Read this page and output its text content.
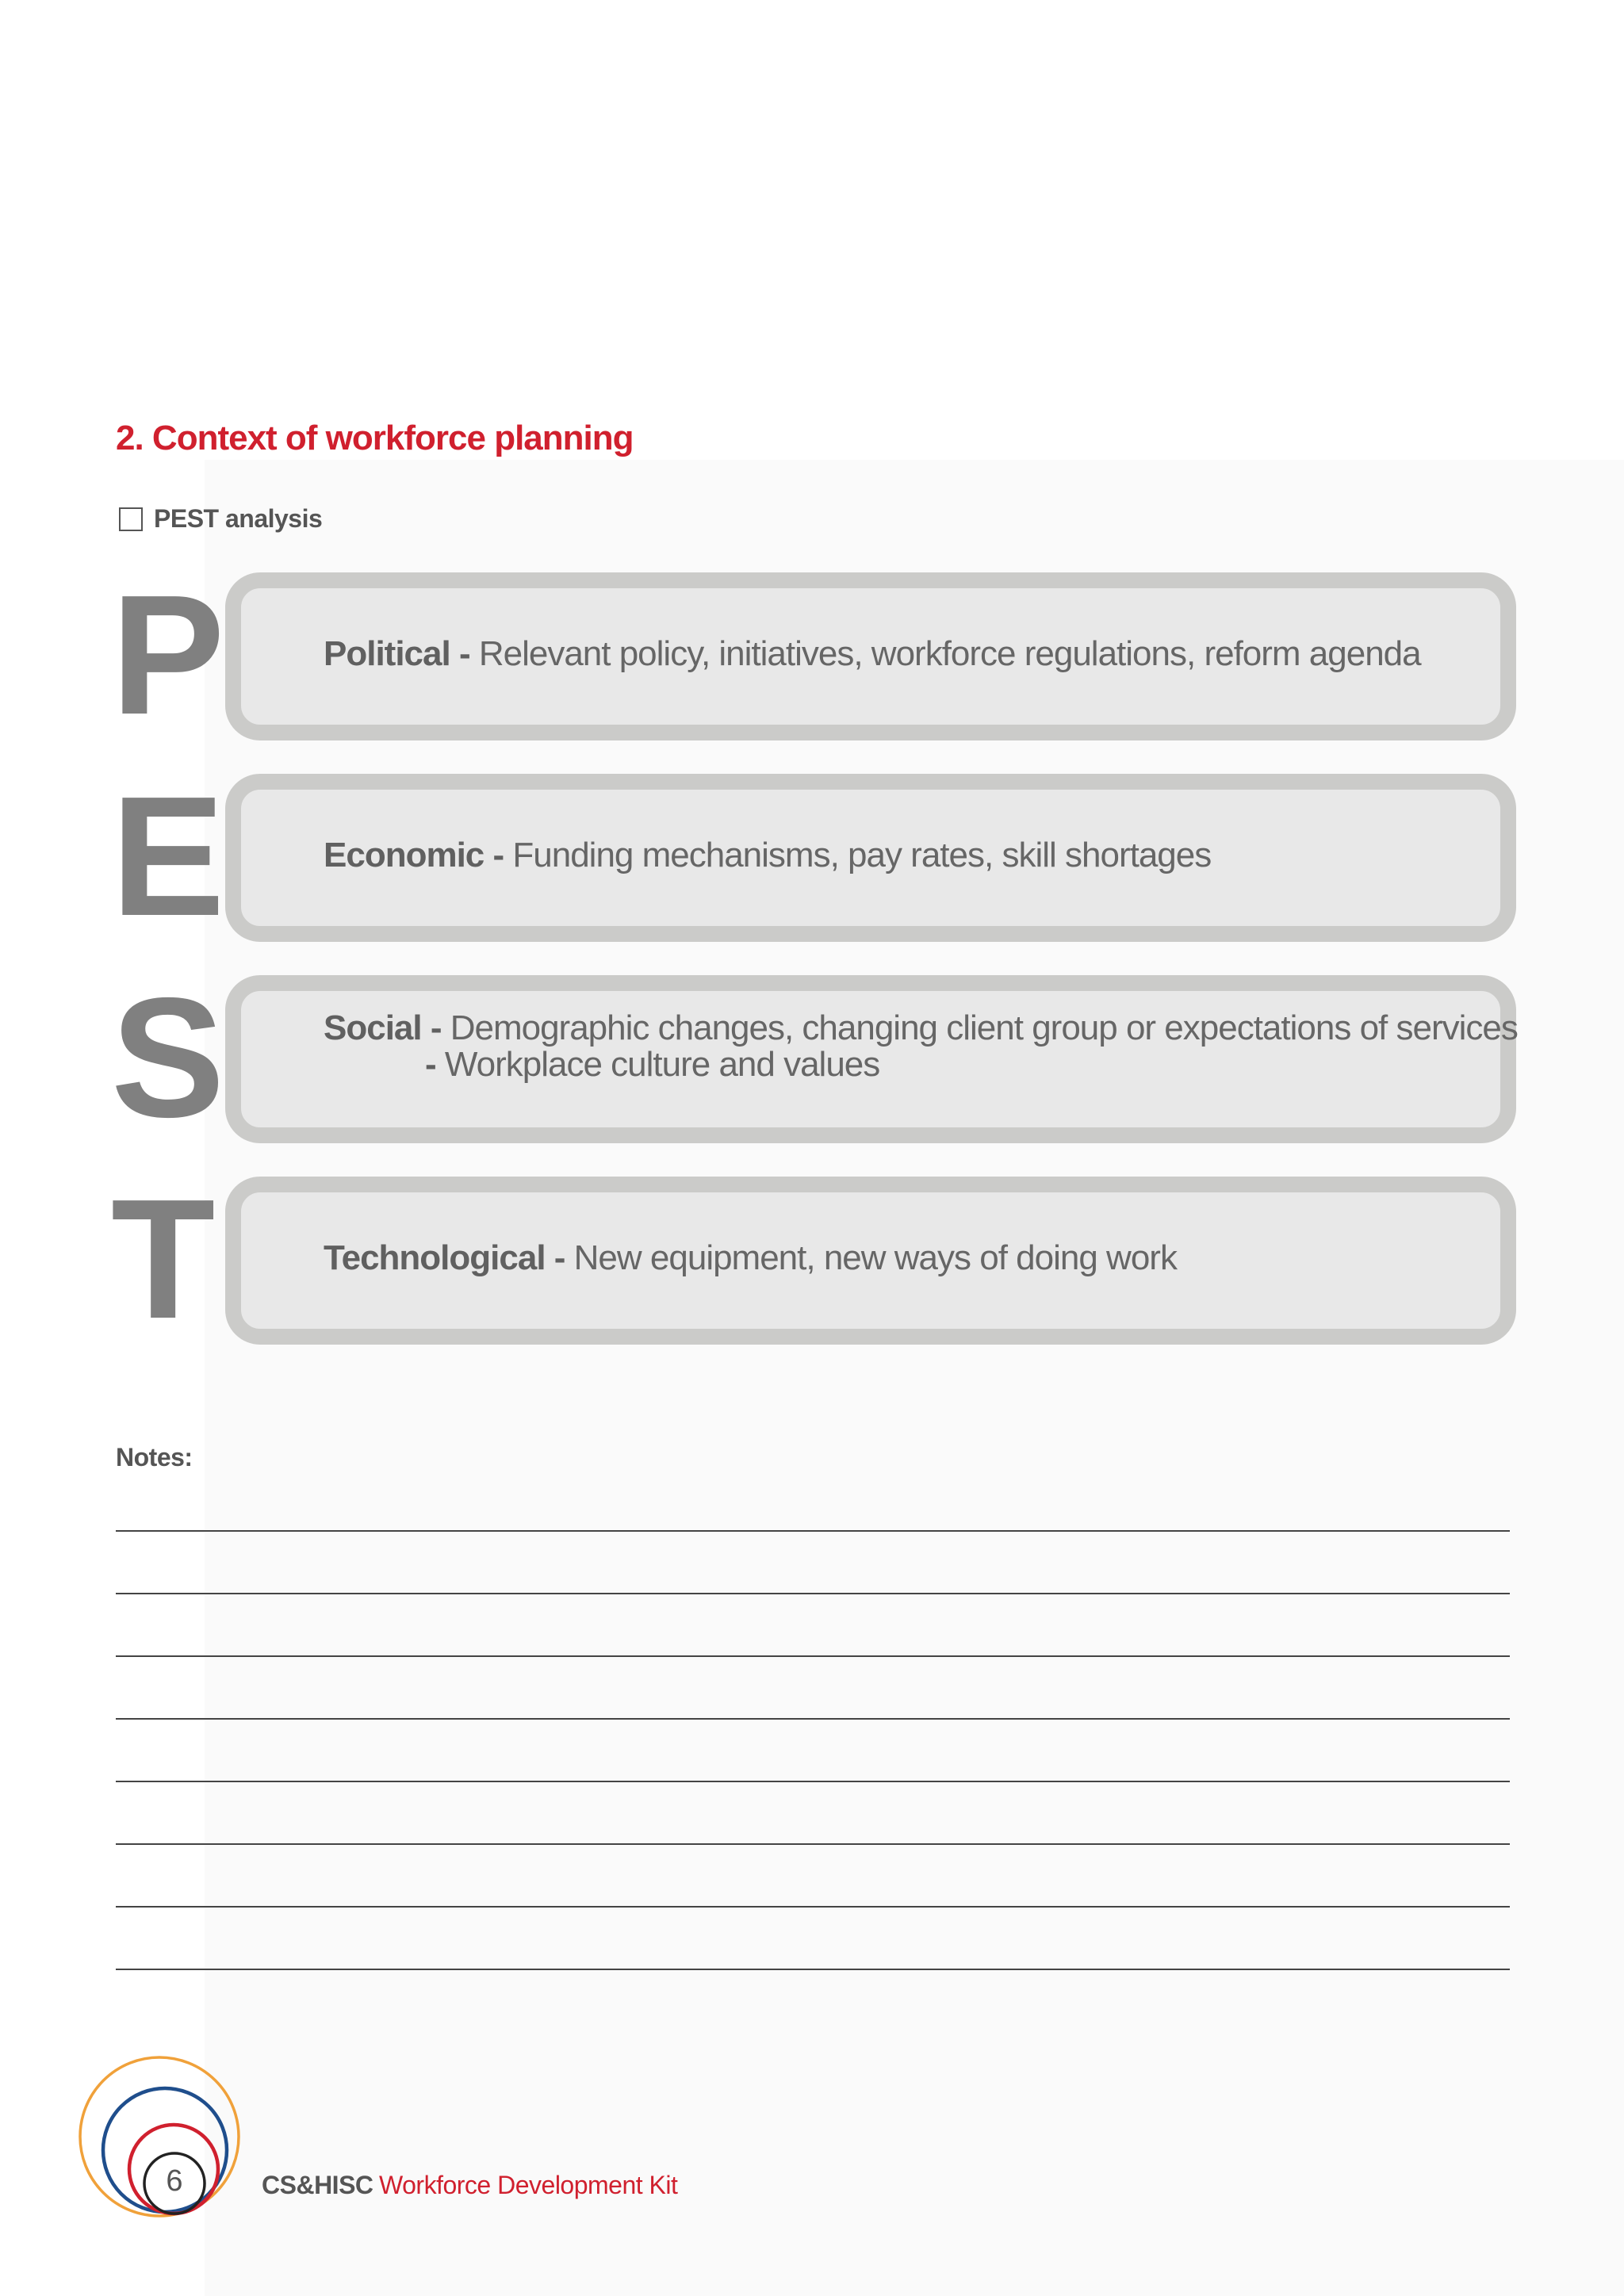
2. Context of workforce planning
PEST analysis
P	Political - Relevant policy, initiatives, workforce regulations, reform agenda
E	Economic - Funding mechanisms, pay rates, skill shortages
S	Social - Demographic changes, changing client group or expectations of services
- Workplace culture and values
T	Technological - New equipment, new ways of doing work
Notes:
6	CS&HISC Workforce Development Kit
